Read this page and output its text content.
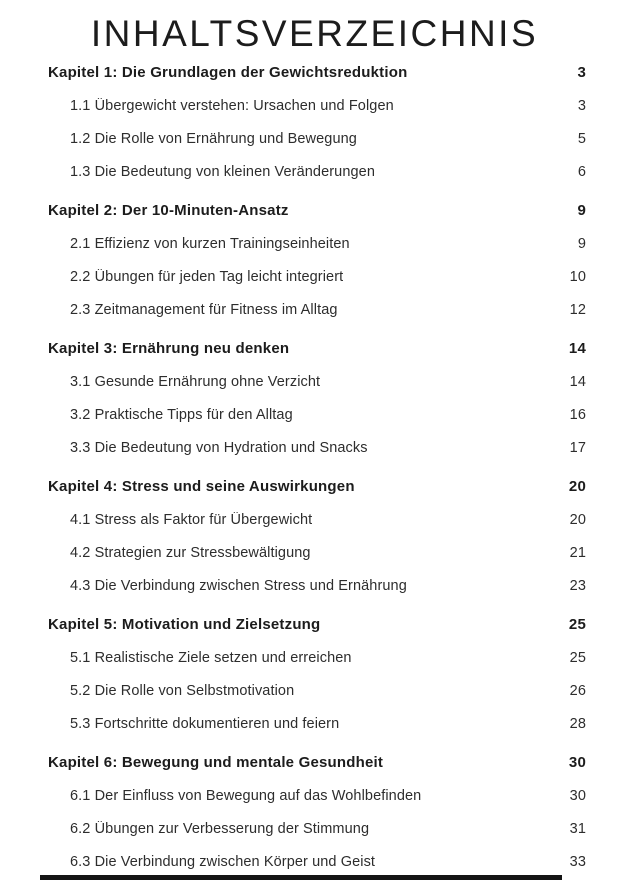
INHALTSVERZEICHNIS
Kapitel 1: Die Grundlagen der Gewichtsreduktion	3
1.1 Übergewicht verstehen: Ursachen und Folgen	3
1.2 Die Rolle von Ernährung und Bewegung	5
1.3 Die Bedeutung von kleinen Veränderungen	6
Kapitel 2: Der 10-Minuten-Ansatz	9
2.1 Effizienz von kurzen Trainingseinheiten	9
2.2 Übungen für jeden Tag leicht integriert	10
2.3 Zeitmanagement für Fitness im Alltag	12
Kapitel 3: Ernährung neu denken	14
3.1 Gesunde Ernährung ohne Verzicht	14
3.2 Praktische Tipps für den Alltag	16
3.3 Die Bedeutung von Hydration und Snacks	17
Kapitel 4: Stress und seine Auswirkungen	20
4.1 Stress als Faktor für Übergewicht	20
4.2 Strategien zur Stressbewältigung	21
4.3 Die Verbindung zwischen Stress und Ernährung	23
Kapitel 5: Motivation und Zielsetzung	25
5.1 Realistische Ziele setzen und erreichen	25
5.2 Die Rolle von Selbstmotivation	26
5.3 Fortschritte dokumentieren und feiern	28
Kapitel 6: Bewegung und mentale Gesundheit	30
6.1 Der Einfluss von Bewegung auf das Wohlbefinden	30
6.2 Übungen zur Verbesserung der Stimmung	31
6.3 Die Verbindung zwischen Körper und Geist	33
